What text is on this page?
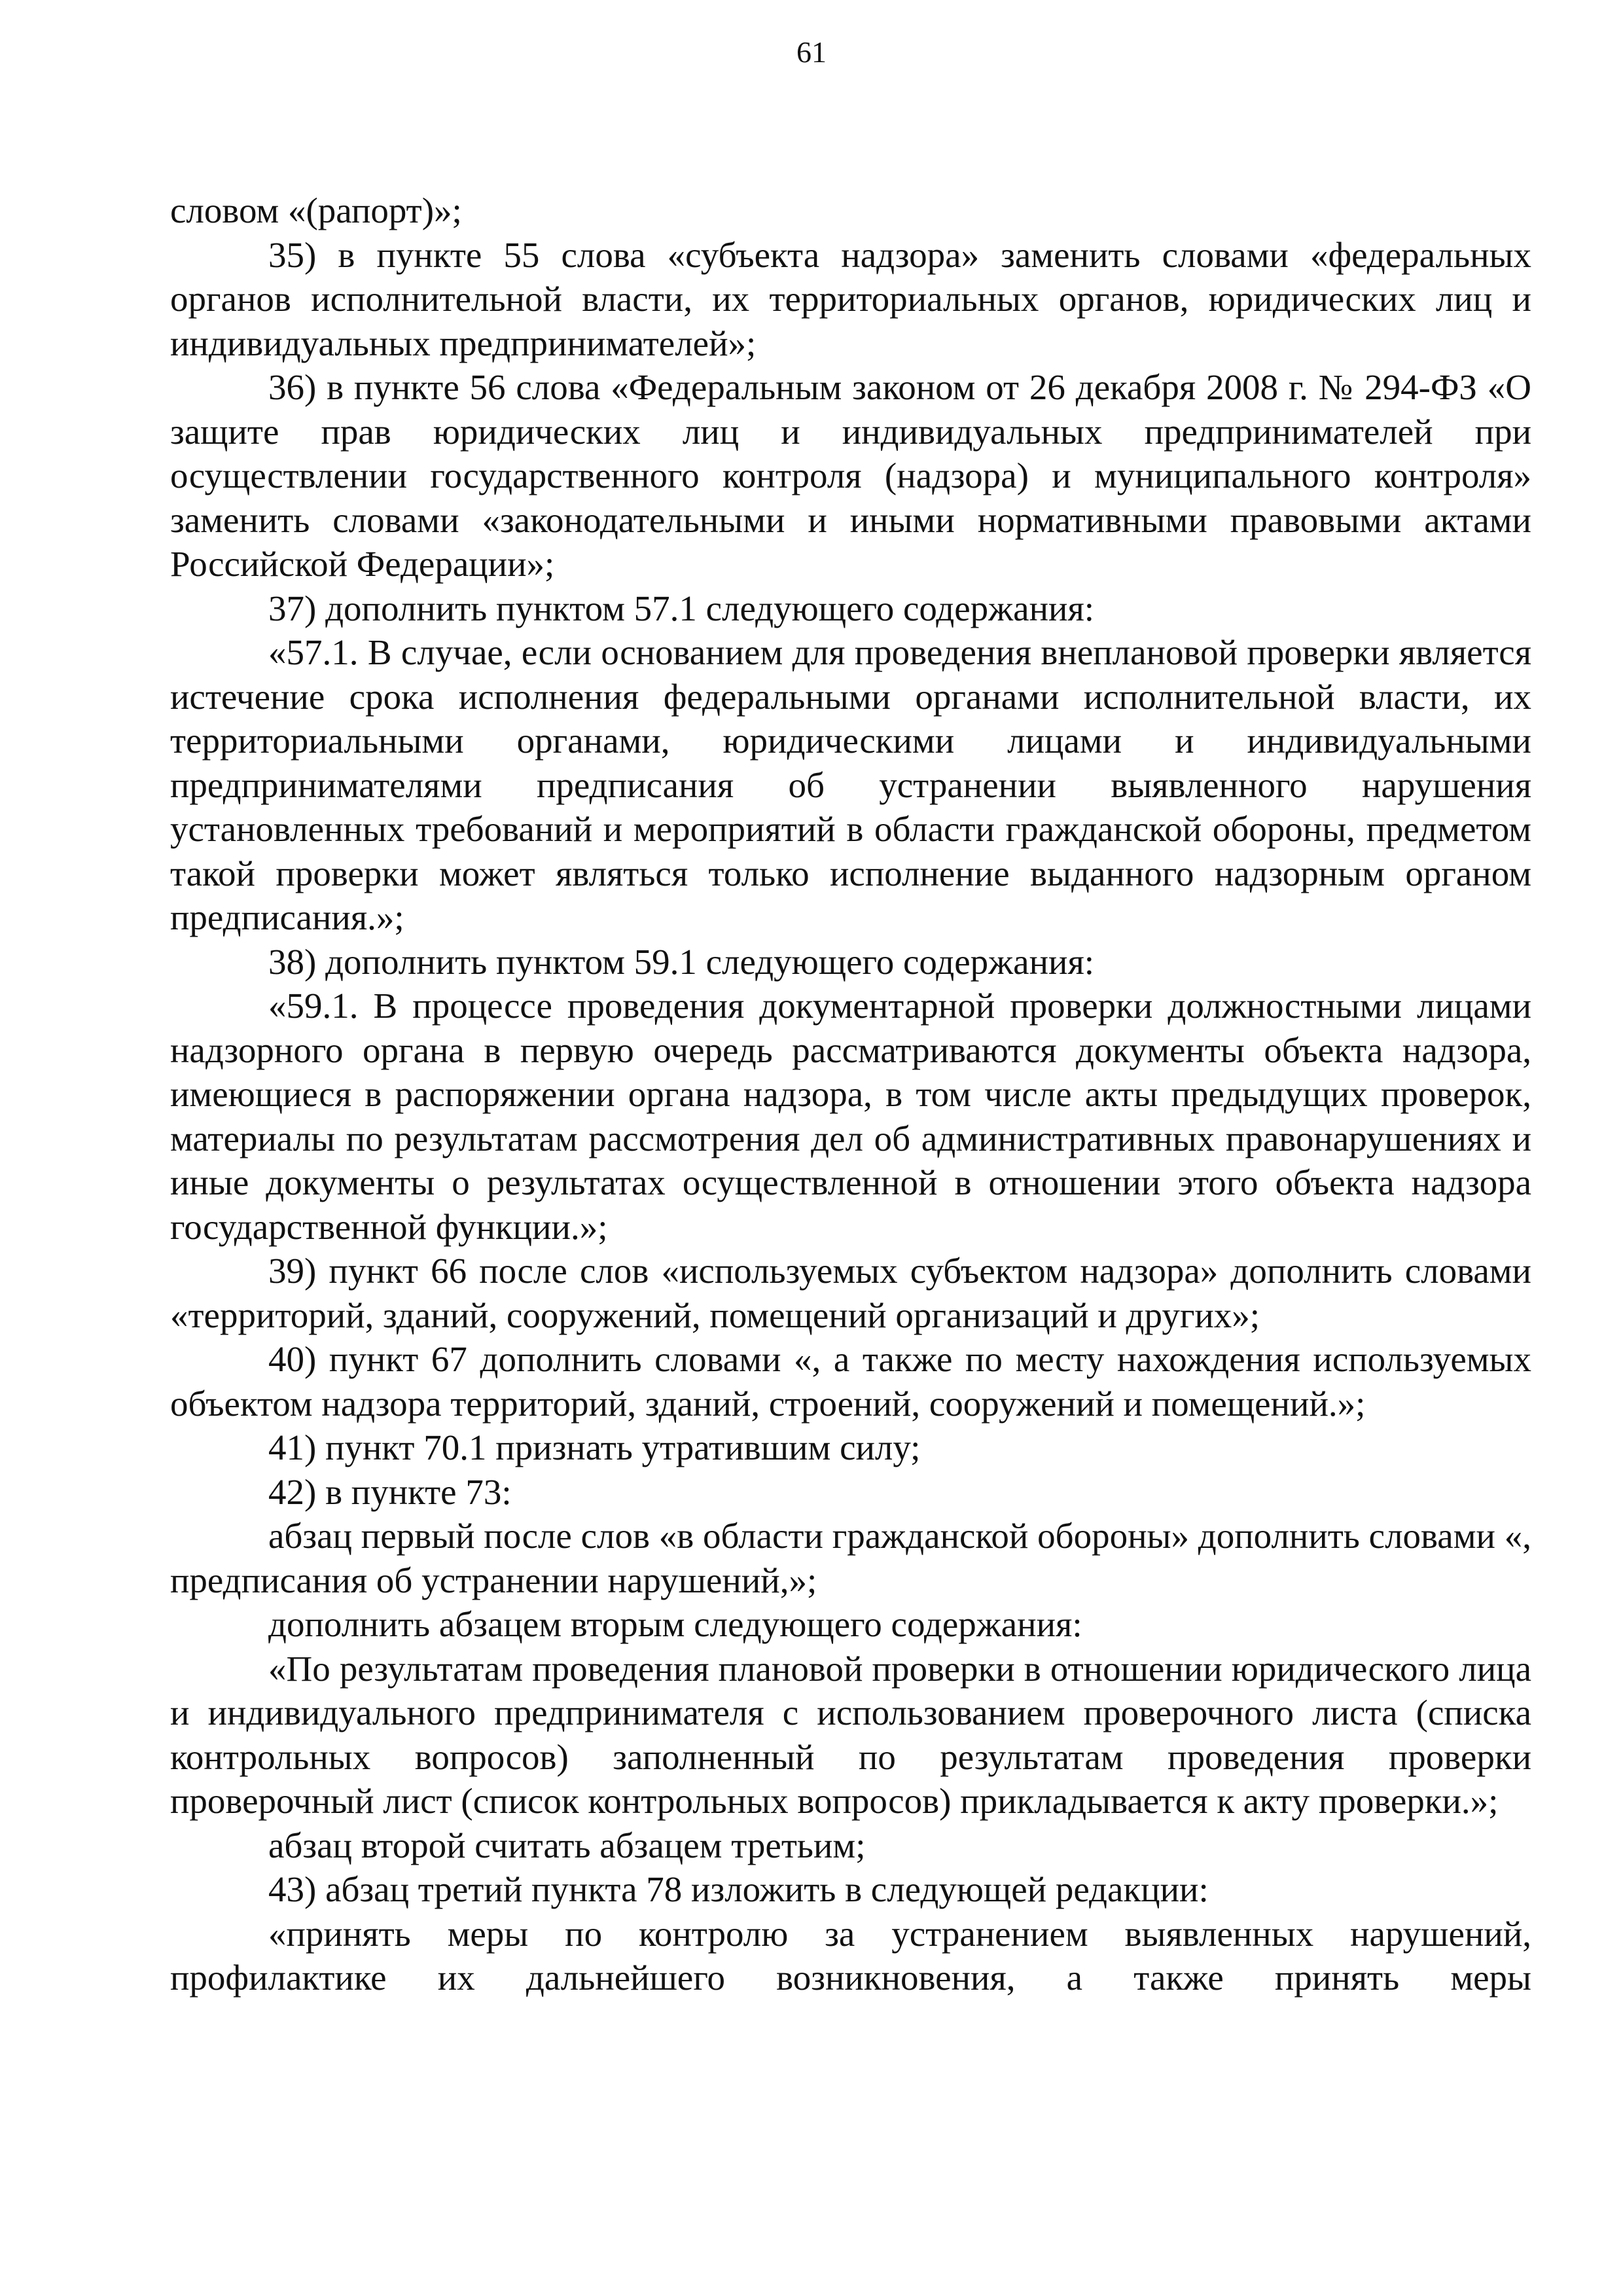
61

словом «(рапорт)»;

35) в пункте 55 слова «субъекта надзора» заменить словами «федеральных органов исполнительной власти, их территориальных органов, юридических лиц и индивидуальных предпринимателей»;

36) в пункте 56 слова «Федеральным законом от 26 декабря 2008 г. № 294-ФЗ «О защите прав юридических лиц и индивидуальных предпринимателей при осуществлении государственного контроля (надзора) и муниципального контроля» заменить словами «законодательными и иными нормативными правовыми актами Российской Федерации»;

37) дополнить пунктом 57.1 следующего содержания:

«57.1. В случае, если основанием для проведения внеплановой проверки является истечение срока исполнения федеральными органами исполнительной власти, их территориальными органами, юридическими лицами и индивидуальными предпринимателями предписания об устранении выявленного нарушения установленных требований и мероприятий в области гражданской обороны, предметом такой проверки может являться только исполнение выданного надзорным органом предписания.»;

38) дополнить пунктом 59.1 следующего содержания:

«59.1. В процессе проведения документарной проверки должностными лицами надзорного органа в первую очередь рассматриваются документы объекта надзора, имеющиеся в распоряжении органа надзора, в том числе акты предыдущих проверок, материалы по результатам рассмотрения дел об административных правонарушениях и иные документы о результатах осуществленной в отношении этого объекта надзора государственной функции.»;

39) пункт 66 после слов «используемых субъектом надзора» дополнить словами «территорий, зданий, сооружений, помещений организаций и других»;

40) пункт 67 дополнить словами «, а также по месту нахождения используемых объектом надзора территорий, зданий, строений, сооружений и помещений.»;

41) пункт 70.1 признать утратившим силу;

42) в пункте 73:

абзац первый после слов «в области гражданской обороны» дополнить словами «, предписания об устранении нарушений,»;

дополнить абзацем вторым следующего содержания:

«По результатам проведения плановой проверки в отношении юридического лица и индивидуального предпринимателя с использованием проверочного листа (списка контрольных вопросов) заполненный по результатам проведения проверки проверочный лист (список контрольных вопросов) прикладывается к акту проверки.»;

абзац второй считать абзацем третьим;

43) абзац третий пункта 78 изложить в следующей редакции:

«принять меры по контролю за устранением выявленных нарушений, профилактике их дальнейшего возникновения, а также принять меры
